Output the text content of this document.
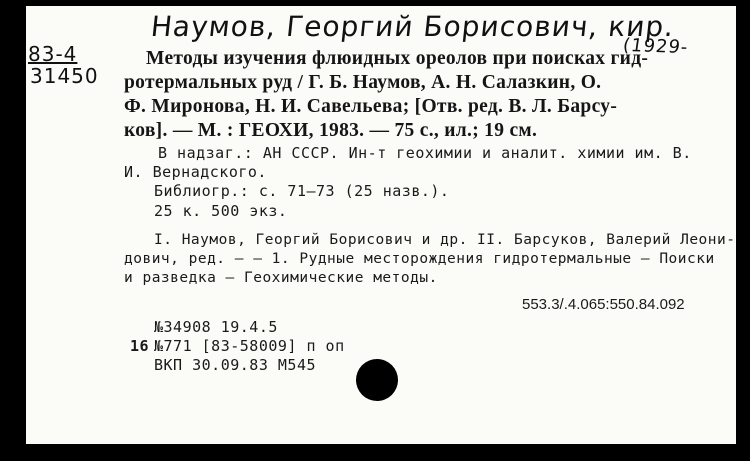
Наумов, Георгий Борисович, кир.
(1929-
83-4
31450
Методы изучения флюидных ореолов при поисках гид-
ротермальных руд / Г. Б. Наумов, А. Н. Салазкин, О.
Ф. Миронова, Н. И. Савельева; [Отв. ред. В. Л. Барсу-
ков]. — М. : ГЕОХИ, 1983. — 75 с., ил.; 19 см.
В надзаг.: АН СССР. Ин-т геохимии и аналит. химии им. В.
И. Вернадского.
Библиогр.: с. 71—73 (25 назв.).
25 к. 500 экз.
I. Наумов, Георгий Борисович и др. II. Барсуков, Валерий Леони-
дович, ред. — — 1. Рудные месторождения гидротермальные — Поиски
и разведка — Геохимические методы.
553.3/.4.065:550.84.092
№34908 19.4.5
16 №771 [83-58009] п оп
ВКП 30.09.83 М545
